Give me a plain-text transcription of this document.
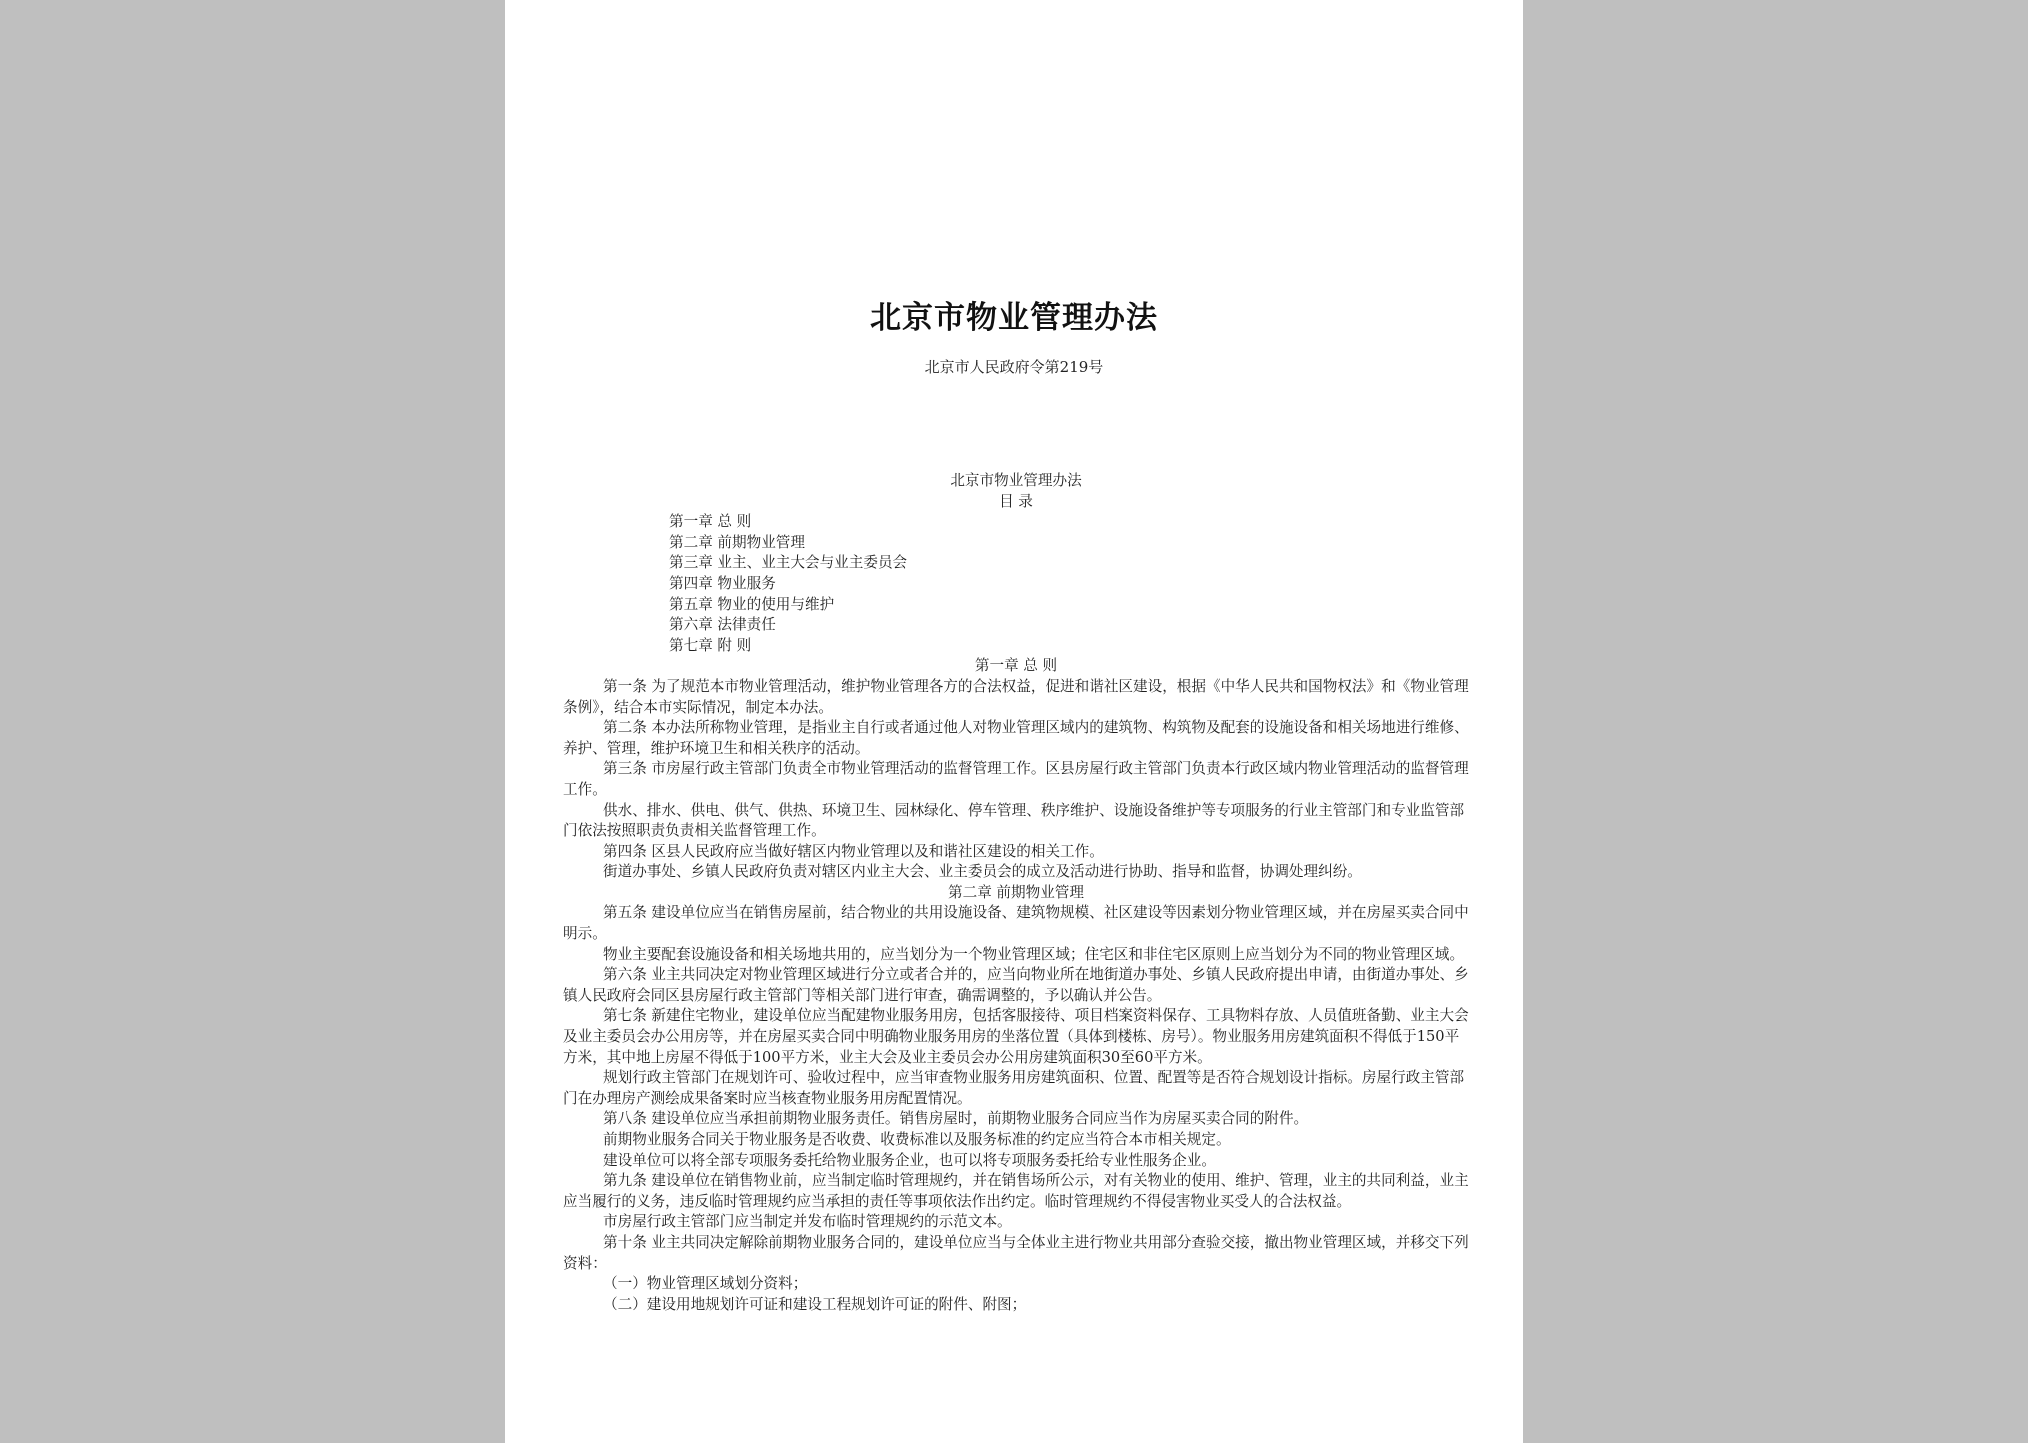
北京市物业管理办法
北京市人民政府令第219号
北京市物业管理办法
目 录
第一章 总 则
第二章 前期物业管理
第三章 业主、业主大会与业主委员会
第四章 物业服务
第五章 物业的使用与维护
第六章 法律责任
第七章 附 则
第一章 总 则
第一条 为了规范本市物业管理活动，维护物业管理各方的合法权益，促进和谐社区建设，根据《中华人民共和国物权法》和《物业管理条例》，结合本市实际情况，制定本办法。
第二条 本办法所称物业管理，是指业主自行或者通过他人对物业管理区域内的建筑物、构筑物及配套的设施设备和相关场地进行维修、养护、管理，维护环境卫生和相关秩序的活动。
第三条 市房屋行政主管部门负责全市物业管理活动的监督管理工作。区县房屋行政主管部门负责本行政区域内物业管理活动的监督管理工作。
供水、排水、供电、供气、供热、环境卫生、园林绿化、停车管理、秩序维护、设施设备维护等专项服务的行业主管部门和专业监管部门依法按照职责负责相关监督管理工作。
第四条 区县人民政府应当做好辖区内物业管理以及和谐社区建设的相关工作。
街道办事处、乡镇人民政府负责对辖区内业主大会、业主委员会的成立及活动进行协助、指导和监督，协调处理纠纷。
第二章 前期物业管理
第五条 建设单位应当在销售房屋前，结合物业的共用设施设备、建筑物规模、社区建设等因素划分物业管理区域，并在房屋买卖合同中明示。
物业主要配套设施设备和相关场地共用的，应当划分为一个物业管理区域；住宅区和非住宅区原则上应当划分为不同的物业管理区域。
第六条 业主共同决定对物业管理区域进行分立或者合并的，应当向物业所在地街道办事处、乡镇人民政府提出申请，由街道办事处、乡镇人民政府会同区县房屋行政主管部门等相关部门进行审查，确需调整的，予以确认并公告。
第七条 新建住宅物业，建设单位应当配建物业服务用房，包括客服接待、项目档案资料保存、工具物料存放、人员值班备勤、业主大会及业主委员会办公用房等，并在房屋买卖合同中明确物业服务用房的坐落位置（具体到楼栋、房号）。物业服务用房建筑面积不得低于150平方米，其中地上房屋不得低于100平方米，业主大会及业主委员会办公用房建筑面积30至60平方米。
规划行政主管部门在规划许可、验收过程中，应当审查物业服务用房建筑面积、位置、配置等是否符合规划设计指标。房屋行政主管部门在办理房产测绘成果备案时应当核查物业服务用房配置情况。
第八条 建设单位应当承担前期物业服务责任。销售房屋时，前期物业服务合同应当作为房屋买卖合同的附件。
前期物业服务合同关于物业服务是否收费、收费标准以及服务标准的约定应当符合本市相关规定。
建设单位可以将全部专项服务委托给物业服务企业，也可以将专项服务委托给专业性服务企业。
第九条 建设单位在销售物业前，应当制定临时管理规约，并在销售场所公示，对有关物业的使用、维护、管理，业主的共同利益，业主应当履行的义务，违反临时管理规约应当承担的责任等事项依法作出约定。临时管理规约不得侵害物业买受人的合法权益。
市房屋行政主管部门应当制定并发布临时管理规约的示范文本。
第十条 业主共同决定解除前期物业服务合同的，建设单位应当与全体业主进行物业共用部分查验交接，撤出物业管理区域，并移交下列资料：
（一）物业管理区域划分资料；
（二）建设用地规划许可证和建设工程规划许可证的附件、附图；
